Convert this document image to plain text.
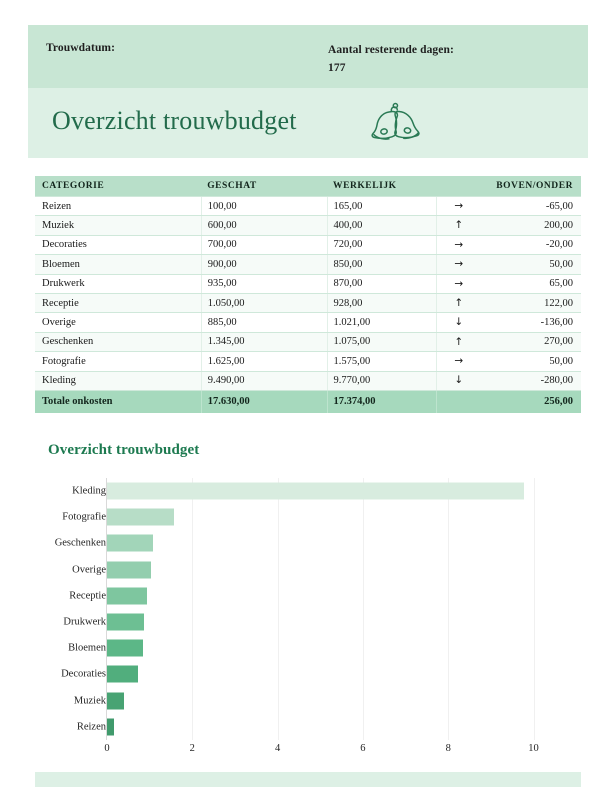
Trouwdatum:	Aantal resterende dagen:
177
Overzicht trouwbudget
CATEGORIE	GESCHAT	WERKELIJK		BOVEN/ONDER
Reizen	100,00	165,00	→	-65,00
Muziek	600,00	400,00	↑	200,00
Decoraties	700,00	720,00	→	-20,00
Bloemen	900,00	850,00	→	50,00
Drukwerk	935,00	870,00	→	65,00
Receptie	1.050,00	928,00	↑	122,00
Overige	885,00	1.021,00	↓	-136,00
Geschenken	1.345,00	1.075,00	↑	270,00
Fotografie	1.625,00	1.575,00	→	50,00
Kleding	9.490,00	9.770,00	↓	-280,00
Totale onkosten	17.630,00	17.374,00		256,00
Overzicht trouwbudget
Kleding
Fotografie
Geschenken
Overige
Receptie
Drukwerk
Bloemen
Decoraties
Muziek
Reizen
0	2	4	6	8	10
